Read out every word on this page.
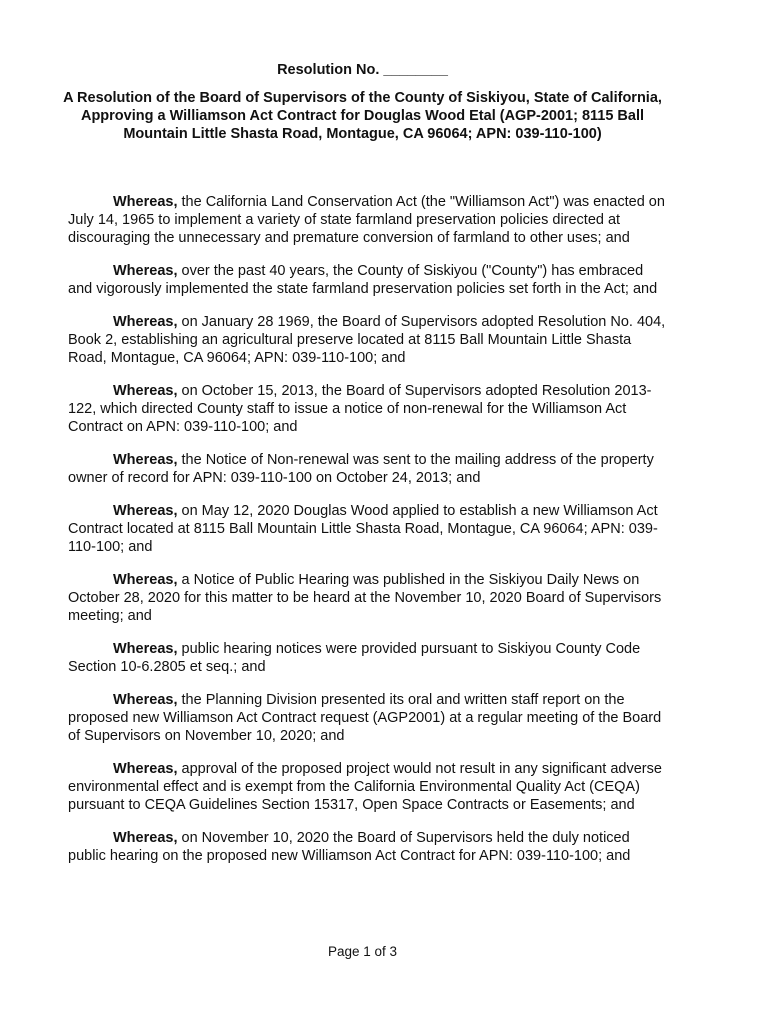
Resolution No. ________
A Resolution of the Board of Supervisors of the County of Siskiyou, State of California, Approving a Williamson Act Contract for Douglas Wood Etal (AGP-2001; 8115 Ball Mountain Little Shasta Road, Montague, CA 96064; APN: 039-110-100)

Whereas, the California Land Conservation Act (the "Williamson Act") was enacted on July 14, 1965 to implement a variety of state farmland preservation policies directed at discouraging the unnecessary and premature conversion of farmland to other uses; and

Whereas, over the past 40 years, the County of Siskiyou ("County") has embraced and vigorously implemented the state farmland preservation policies set forth in the Act; and

Whereas, on January 28 1969, the Board of Supervisors adopted Resolution No. 404, Book 2, establishing an agricultural preserve located at 8115 Ball Mountain Little Shasta Road, Montague, CA 96064; APN: 039-110-100; and

Whereas, on October 15, 2013, the Board of Supervisors adopted Resolution 2013-122, which directed County staff to issue a notice of non-renewal for the Williamson Act Contract on APN: 039-110-100; and

Whereas, the Notice of Non-renewal was sent to the mailing address of the property owner of record for APN: 039-110-100 on October 24, 2013; and

Whereas, on May 12, 2020 Douglas Wood applied to establish a new Williamson Act Contract located at 8115 Ball Mountain Little Shasta Road, Montague, CA 96064; APN: 039-110-100; and

Whereas, a Notice of Public Hearing was published in the Siskiyou Daily News on October 28, 2020 for this matter to be heard at the November 10, 2020 Board of Supervisors meeting; and

Whereas, public hearing notices were provided pursuant to Siskiyou County Code Section 10-6.2805 et seq.; and

Whereas, the Planning Division presented its oral and written staff report on the proposed new Williamson Act Contract request (AGP2001) at a regular meeting of the Board of Supervisors on November 10, 2020; and

Whereas, approval of the proposed project would not result in any significant adverse environmental effect and is exempt from the California Environmental Quality Act (CEQA) pursuant to CEQA Guidelines Section 15317, Open Space Contracts or Easements; and

Whereas, on November 10, 2020 the Board of Supervisors held the duly noticed public hearing on the proposed new Williamson Act Contract for APN: 039-110-100; and

Page 1 of 3
